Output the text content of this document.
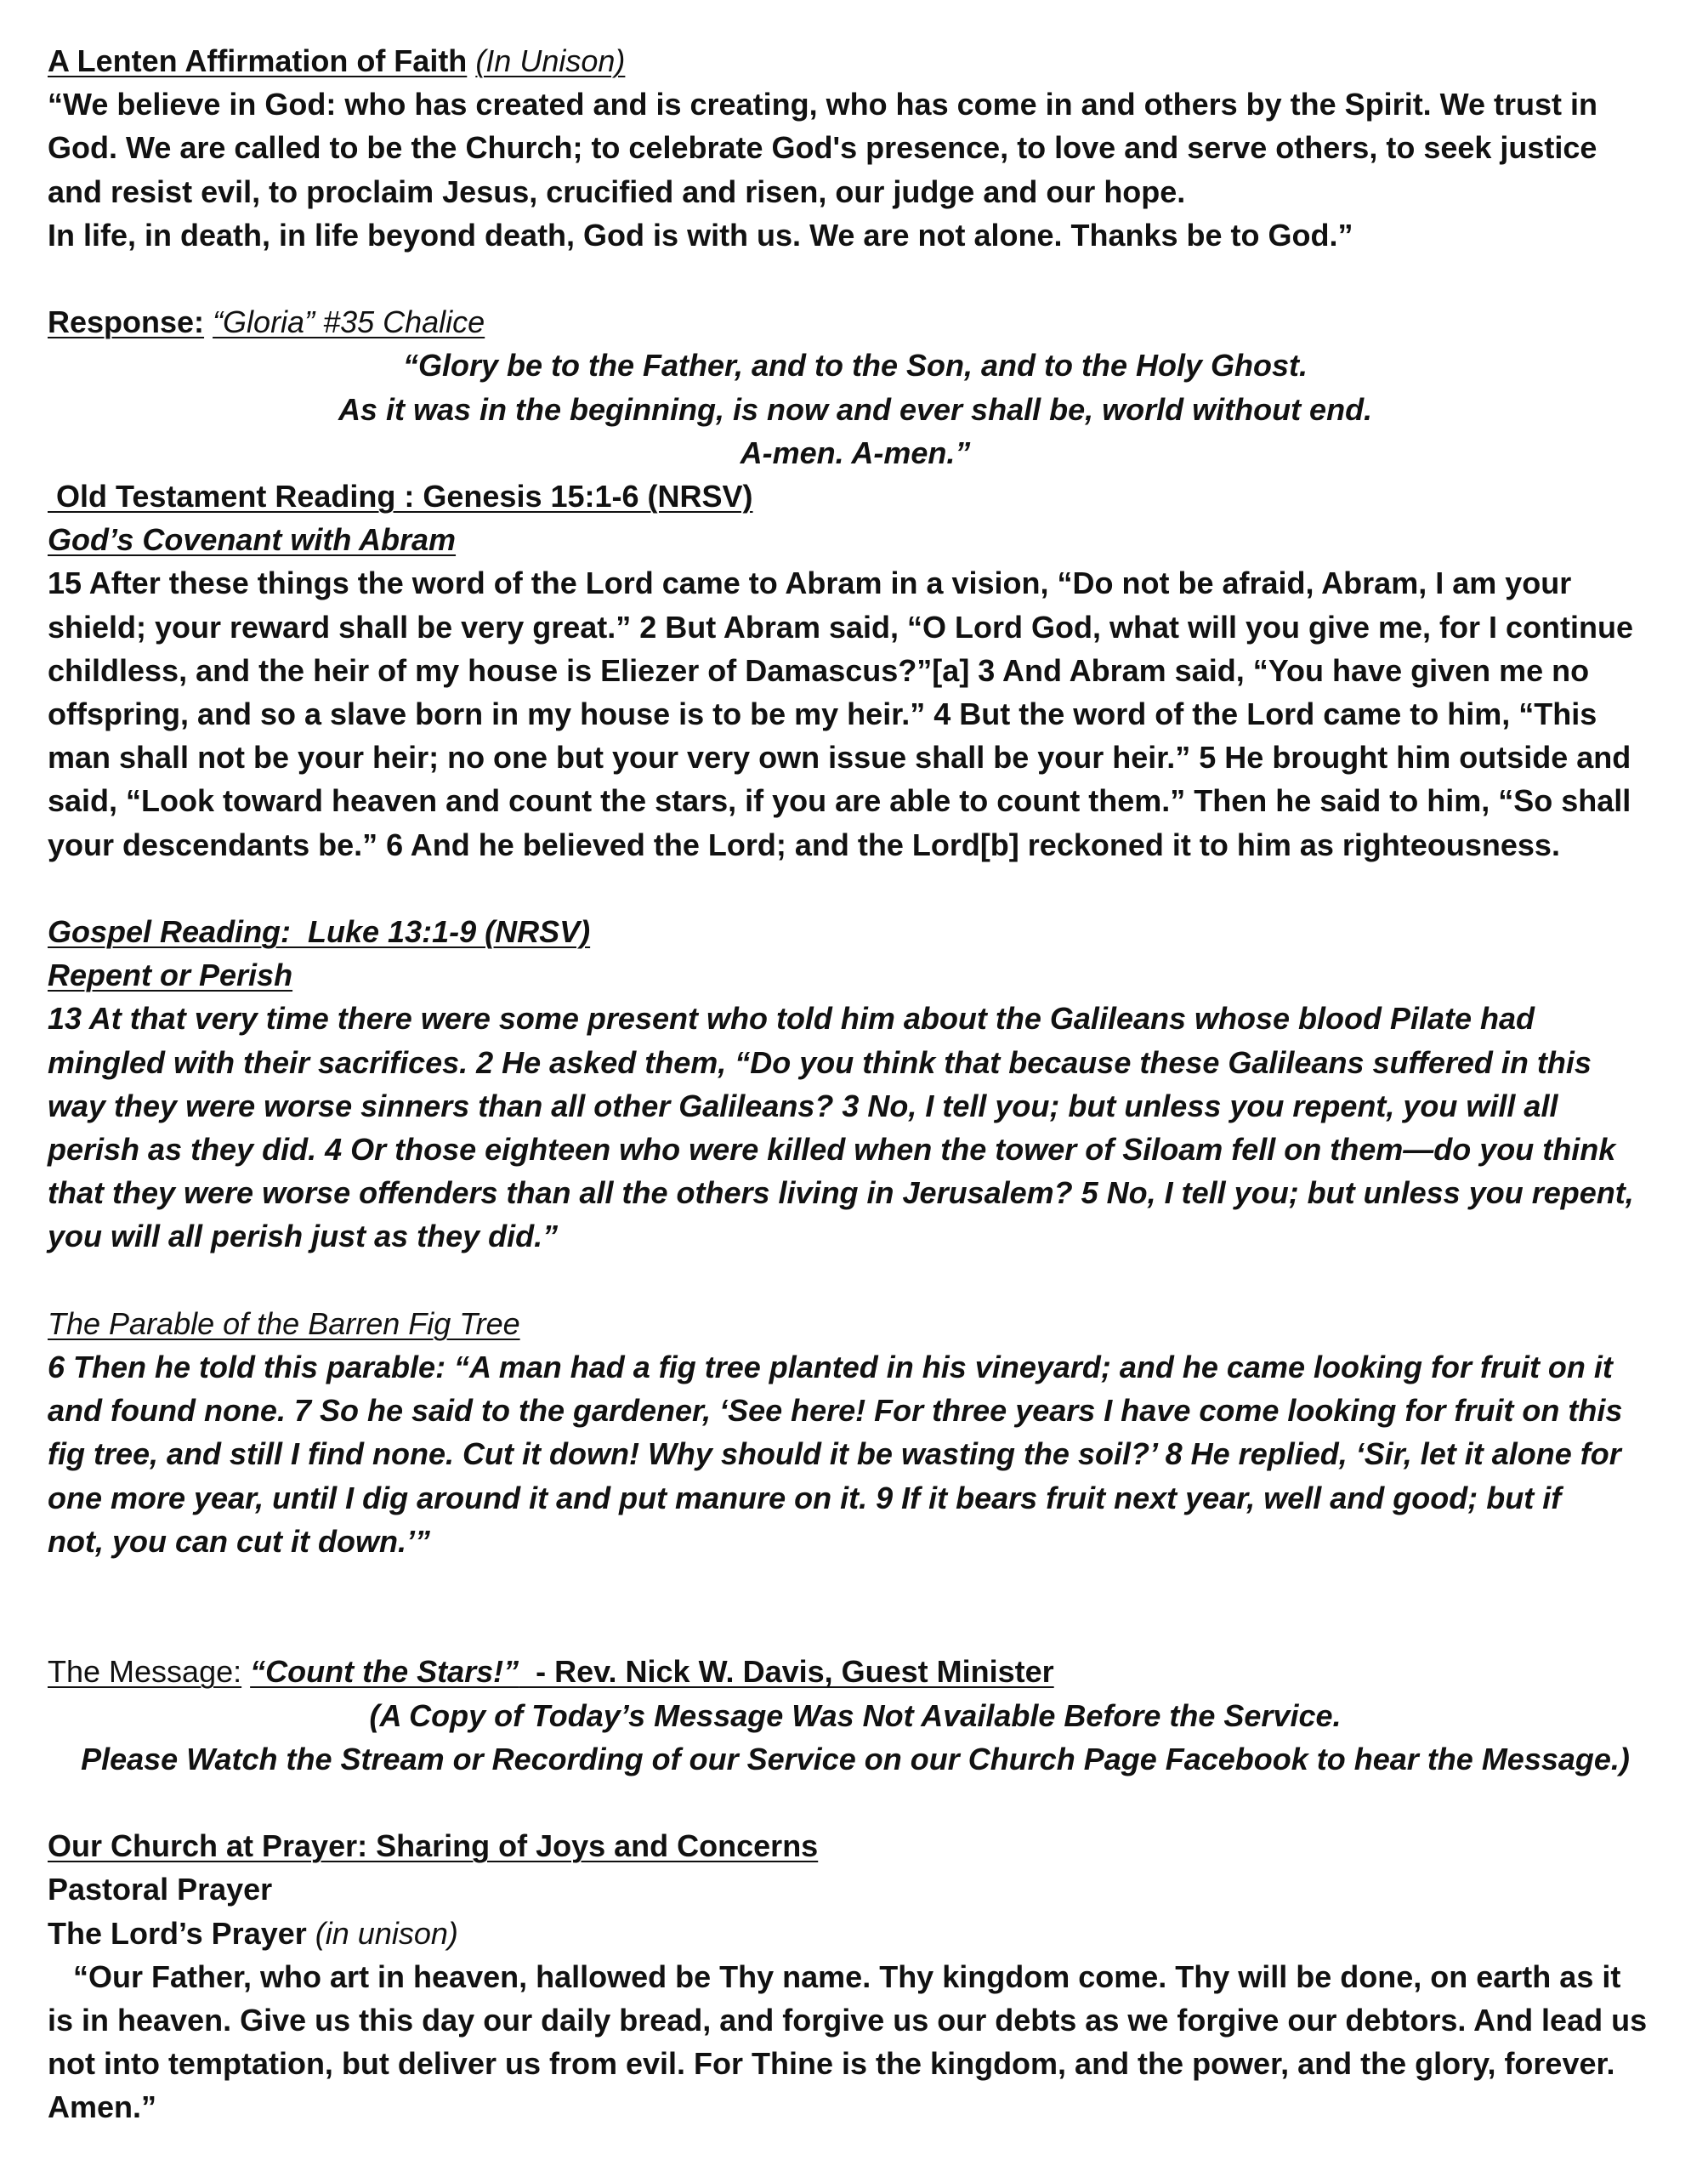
A Lenten Affirmation of Faith (In Unison)

“We believe in God: who has created and is creating, who has come in and others by the Spirit. We trust in

God. We are called to be the Church; to celebrate God's presence, to love and serve others, to seek justice

and resist evil, to proclaim Jesus, crucified and risen, our judge and our hope.

In life, in death, in life beyond death, God is with us. We are not alone. Thanks be to God.”

Response: “Gloria” #35 Chalice

“Glory be to the Father, and to the Son, and to the Holy Ghost.

As it was in the beginning, is now and ever shall be, world without end.

A-men. A-men.”

Old Testament Reading : Genesis 15:1-6 (NRSV)

God’s Covenant with Abram

15 After these things the word of the Lord came to Abram in a vision, “Do not be afraid, Abram, I am your

shield; your reward shall be very great.” 2 But Abram said, “O Lord God, what will you give me, for I continue

childless, and the heir of my house is Eliezer of Damascus?”[a] 3 And Abram said, “You have given me no

offspring, and so a slave born in my house is to be my heir.” 4 But the word of the Lord came to him, “This

man shall not be your heir; no one but your very own issue shall be your heir.” 5 He brought him outside and

said, “Look toward heaven and count the stars, if you are able to count them.” Then he said to him, “So shall

your descendants be.” 6 And he believed the Lord; and the Lord[b] reckoned it to him as righteousness.

Gospel Reading:  Luke 13:1-9 (NRSV)

Repent or Perish

13 At that very time there were some present who told him about the Galileans whose blood Pilate had

mingled with their sacrifices. 2 He asked them, “Do you think that because these Galileans suffered in this

way they were worse sinners than all other Galileans? 3 No, I tell you; but unless you repent, you will all

perish as they did. 4 Or those eighteen who were killed when the tower of Siloam fell on them—do you think

that they were worse offenders than all the others living in Jerusalem? 5 No, I tell you; but unless you repent,

you will all perish just as they did.”

The Parable of the Barren Fig Tree

6 Then he told this parable: “A man had a fig tree planted in his vineyard; and he came looking for fruit on it

and found none. 7 So he said to the gardener, ‘See here! For three years I have come looking for fruit on this

fig tree, and still I find none. Cut it down! Why should it be wasting the soil?’ 8 He replied, ‘Sir, let it alone for

one more year, until I dig around it and put manure on it. 9 If it bears fruit next year, well and good; but if

not, you can cut it down.’”

The Message: “Count the Stars!”  - Rev. Nick W. Davis, Guest Minister

(A Copy of Today’s Message Was Not Available Before the Service.

Please Watch the Stream or Recording of our Service on our Church Page Facebook to hear the Message.)

Our Church at Prayer: Sharing of Joys and Concerns

Pastoral Prayer

The Lord’s Prayer (in unison)

“Our Father, who art in heaven, hallowed be Thy name. Thy kingdom come. Thy will be done, on earth as it

is in heaven. Give us this day our daily bread, and forgive us our debts as we forgive our debtors. And lead us

not into temptation, but deliver us from evil. For Thine is the kingdom, and the power, and the glory, forever.

Amen.”
